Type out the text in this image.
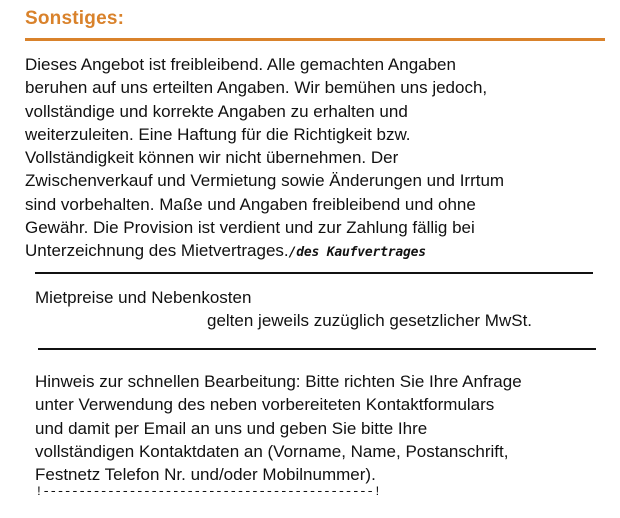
Sonstiges:
Dieses Angebot ist freibleibend. Alle gemachten Angaben
beruhen auf uns erteilten Angaben. Wir bemühen uns jedoch,
vollständige und korrekte Angaben zu erhalten und
weiterzuleiten. Eine Haftung für die Richtigkeit bzw.
Vollständigkeit können wir nicht übernehmen. Der
Zwischenverkauf und Vermietung sowie Änderungen und Irrtum
sind vorbehalten. Maße und Angaben freibleibend und ohne
Gewähr. Die Provision ist verdient und zur Zahlung fällig bei
Unterzeichnung des Mietvertrages./des Kaufvertrages
Mietpreise und Nebenkosten
gelten jeweils zuzüglich gesetzlicher MwSt.
Hinweis zur schnellen Bearbeitung: Bitte richten Sie Ihre Anfrage
unter Verwendung des neben vorbereiteten Kontaktformulars
und damit per Email an uns und geben Sie bitte Ihre
vollständigen Kontaktdaten an (Vorname, Name, Postanschrift,
Festnetz Telefon Nr. und/oder Mobilnummer).
!----------------------------------------------!
